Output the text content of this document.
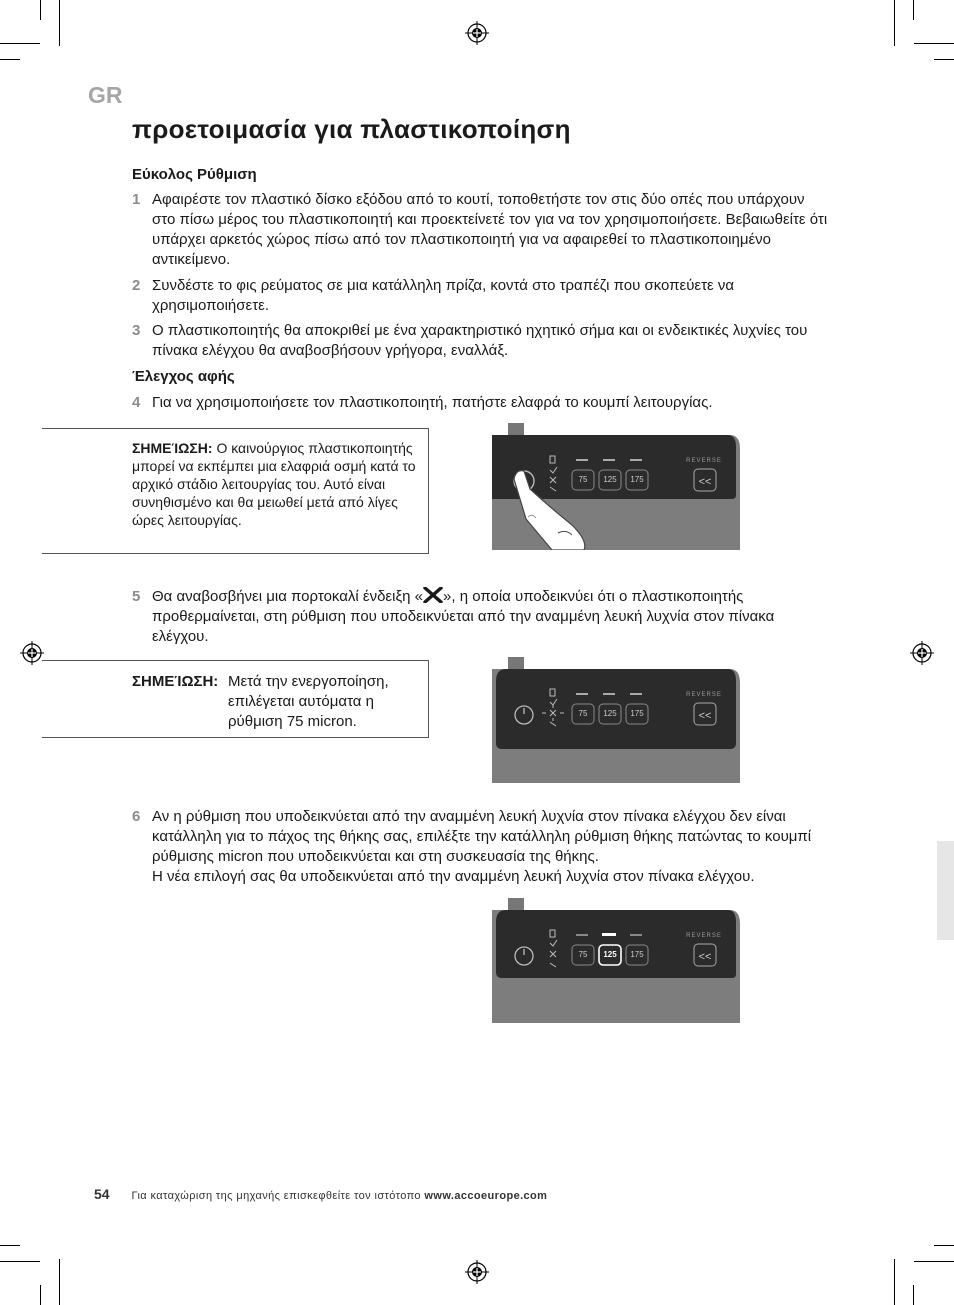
GR
προετοιμασία για πλαστικοποίηση
Εύκολος Ρύθμιση
1 Αφαιρέστε τον πλαστικό δίσκο εξόδου από το κουτί, τοποθετήστε τον στις δύο οπές που υπάρχουν στο πίσω μέρος του πλαστικοποιητή και προεκτείνετέ τον για να τον χρησιμοποιήσετε. Βεβαιωθείτε ότι υπάρχει αρκετός χώρος πίσω από τον πλαστικοποιητή για να αφαιρεθεί το πλαστικοποιημένο αντικείμενο.
2 Συνδέστε το φις ρεύματος σε μια κατάλληλη πρίζα, κοντά στο τραπέζι που σκοπεύετε να χρησιμοποιήσετε.
3 Ο πλαστικοποιητής θα αποκριθεί με ένα χαρακτηριστικό ηχητικό σήμα και οι ενδεικτικές λυχνίες του πίνακα ελέγχου θα αναβοσβήσουν γρήγορα, εναλλάξ.
Έλεγχος αφής
4 Για να χρησιμοποιήσετε τον πλαστικοποιητή, πατήστε ελαφρά το κουμπί λειτουργίας.
ΣΗΜΕΊΩΣΗ: Ο καινούργιος πλαστικοποιητής μπορεί να εκπέμπει μια ελαφριά οσμή κατά το αρχικό στάδιο λειτουργίας του. Αυτό είναι συνηθισμένο και θα μειωθεί μετά από λίγες ώρες λειτουργίας.
75 125 175
REVERSE
<<
5 Θα αναβοσβήνει μια πορτοκαλί ένδειξη « », η οποία υποδεικνύει ότι ο πλαστικοποιητής προθερμαίνεται, στη ρύθμιση που υποδεικνύεται από την αναμμένη λευκή λυχνία στον πίνακα ελέγχου.
ΣΗΜΕΊΩΣΗ: Μετά την ενεργοποίηση, επιλέγεται αυτόματα η ρύθμιση 75 micron.	75 125 175
REVERSE
<<
6 Αν η ρύθμιση που υποδεικνύεται από την αναμμένη λευκή λυχνία στον πίνακα ελέγχου δεν είναι κατάλληλη για το πάχος της θήκης σας, επιλέξτε την κατάλληλη ρύθμιση θήκης πατώντας το κουμπί ρύθμισης micron που υποδεικνύεται και στη συσκευασία της θήκης.
Η νέα επιλογή σας θα υποδεικνύεται από την αναμμένη λευκή λυχνία στον πίνακα ελέγχου.
75 125 175
REVERSE
<<
54 Για καταχώριση της μηχανής επισκεφθείτε τον ιστότοπο www.accoeurope.com
